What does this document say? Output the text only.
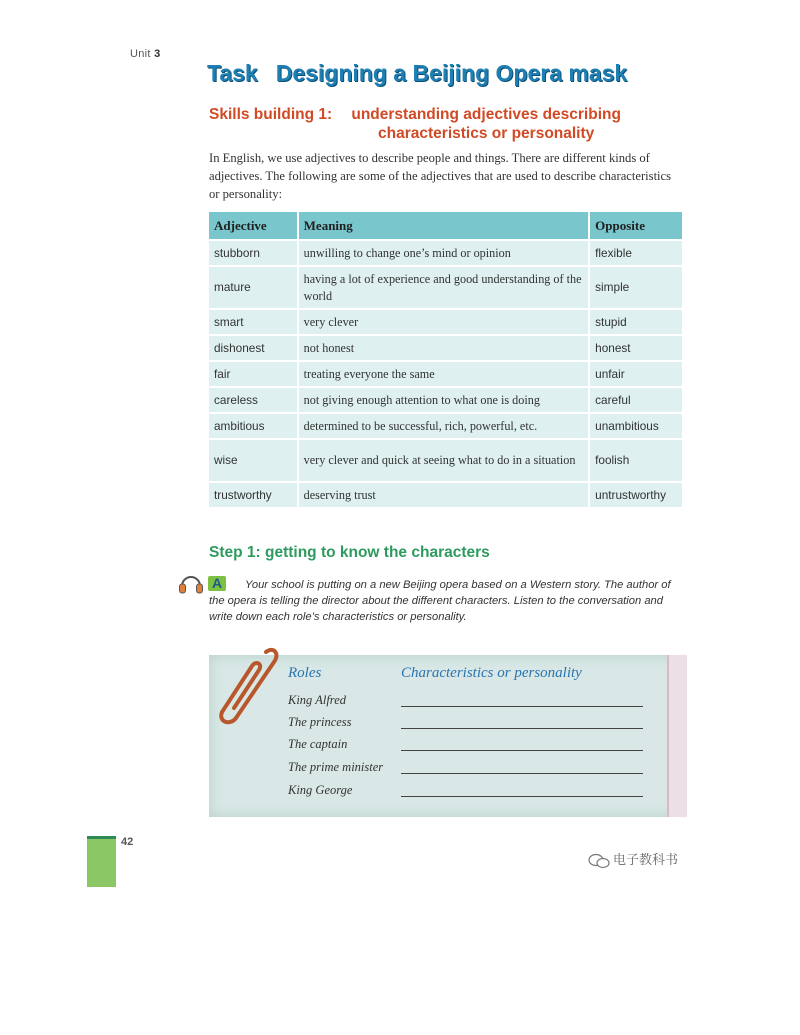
Unit 3
Task Designing a Beijing Opera mask
Skills building 1: understanding adjectives describing characteristics or personality
In English, we use adjectives to describe people and things. There are different kinds of adjectives. The following are some of the adjectives that are used to describe characteristics or personality:
Adjective	Meaning	Opposite
stubborn	unwilling to change one’s mind or opinion	flexible
mature	having a lot of experience and good understanding of the world	simple
smart	very clever	stupid
dishonest	not honest	honest
fair	treating everyone the same	unfair
careless	not giving enough attention to what one is doing	careful
ambitious	determined to be successful, rich, powerful, etc.	unambitious
wise	very clever and quick at seeing what to do in a situation	foolish
trustworthy	deserving trust	untrustworthy
Step 1: getting to know the characters
A	Your school is putting on a new Beijing opera based on a Western story. The author of the opera is telling the director about the different characters. Listen to the conversation and write down each role’s characteristics or personality.
Roles	Characteristics or personality
King Alfred
The princess
The captain
The prime minister
King George
42
电子教科书
